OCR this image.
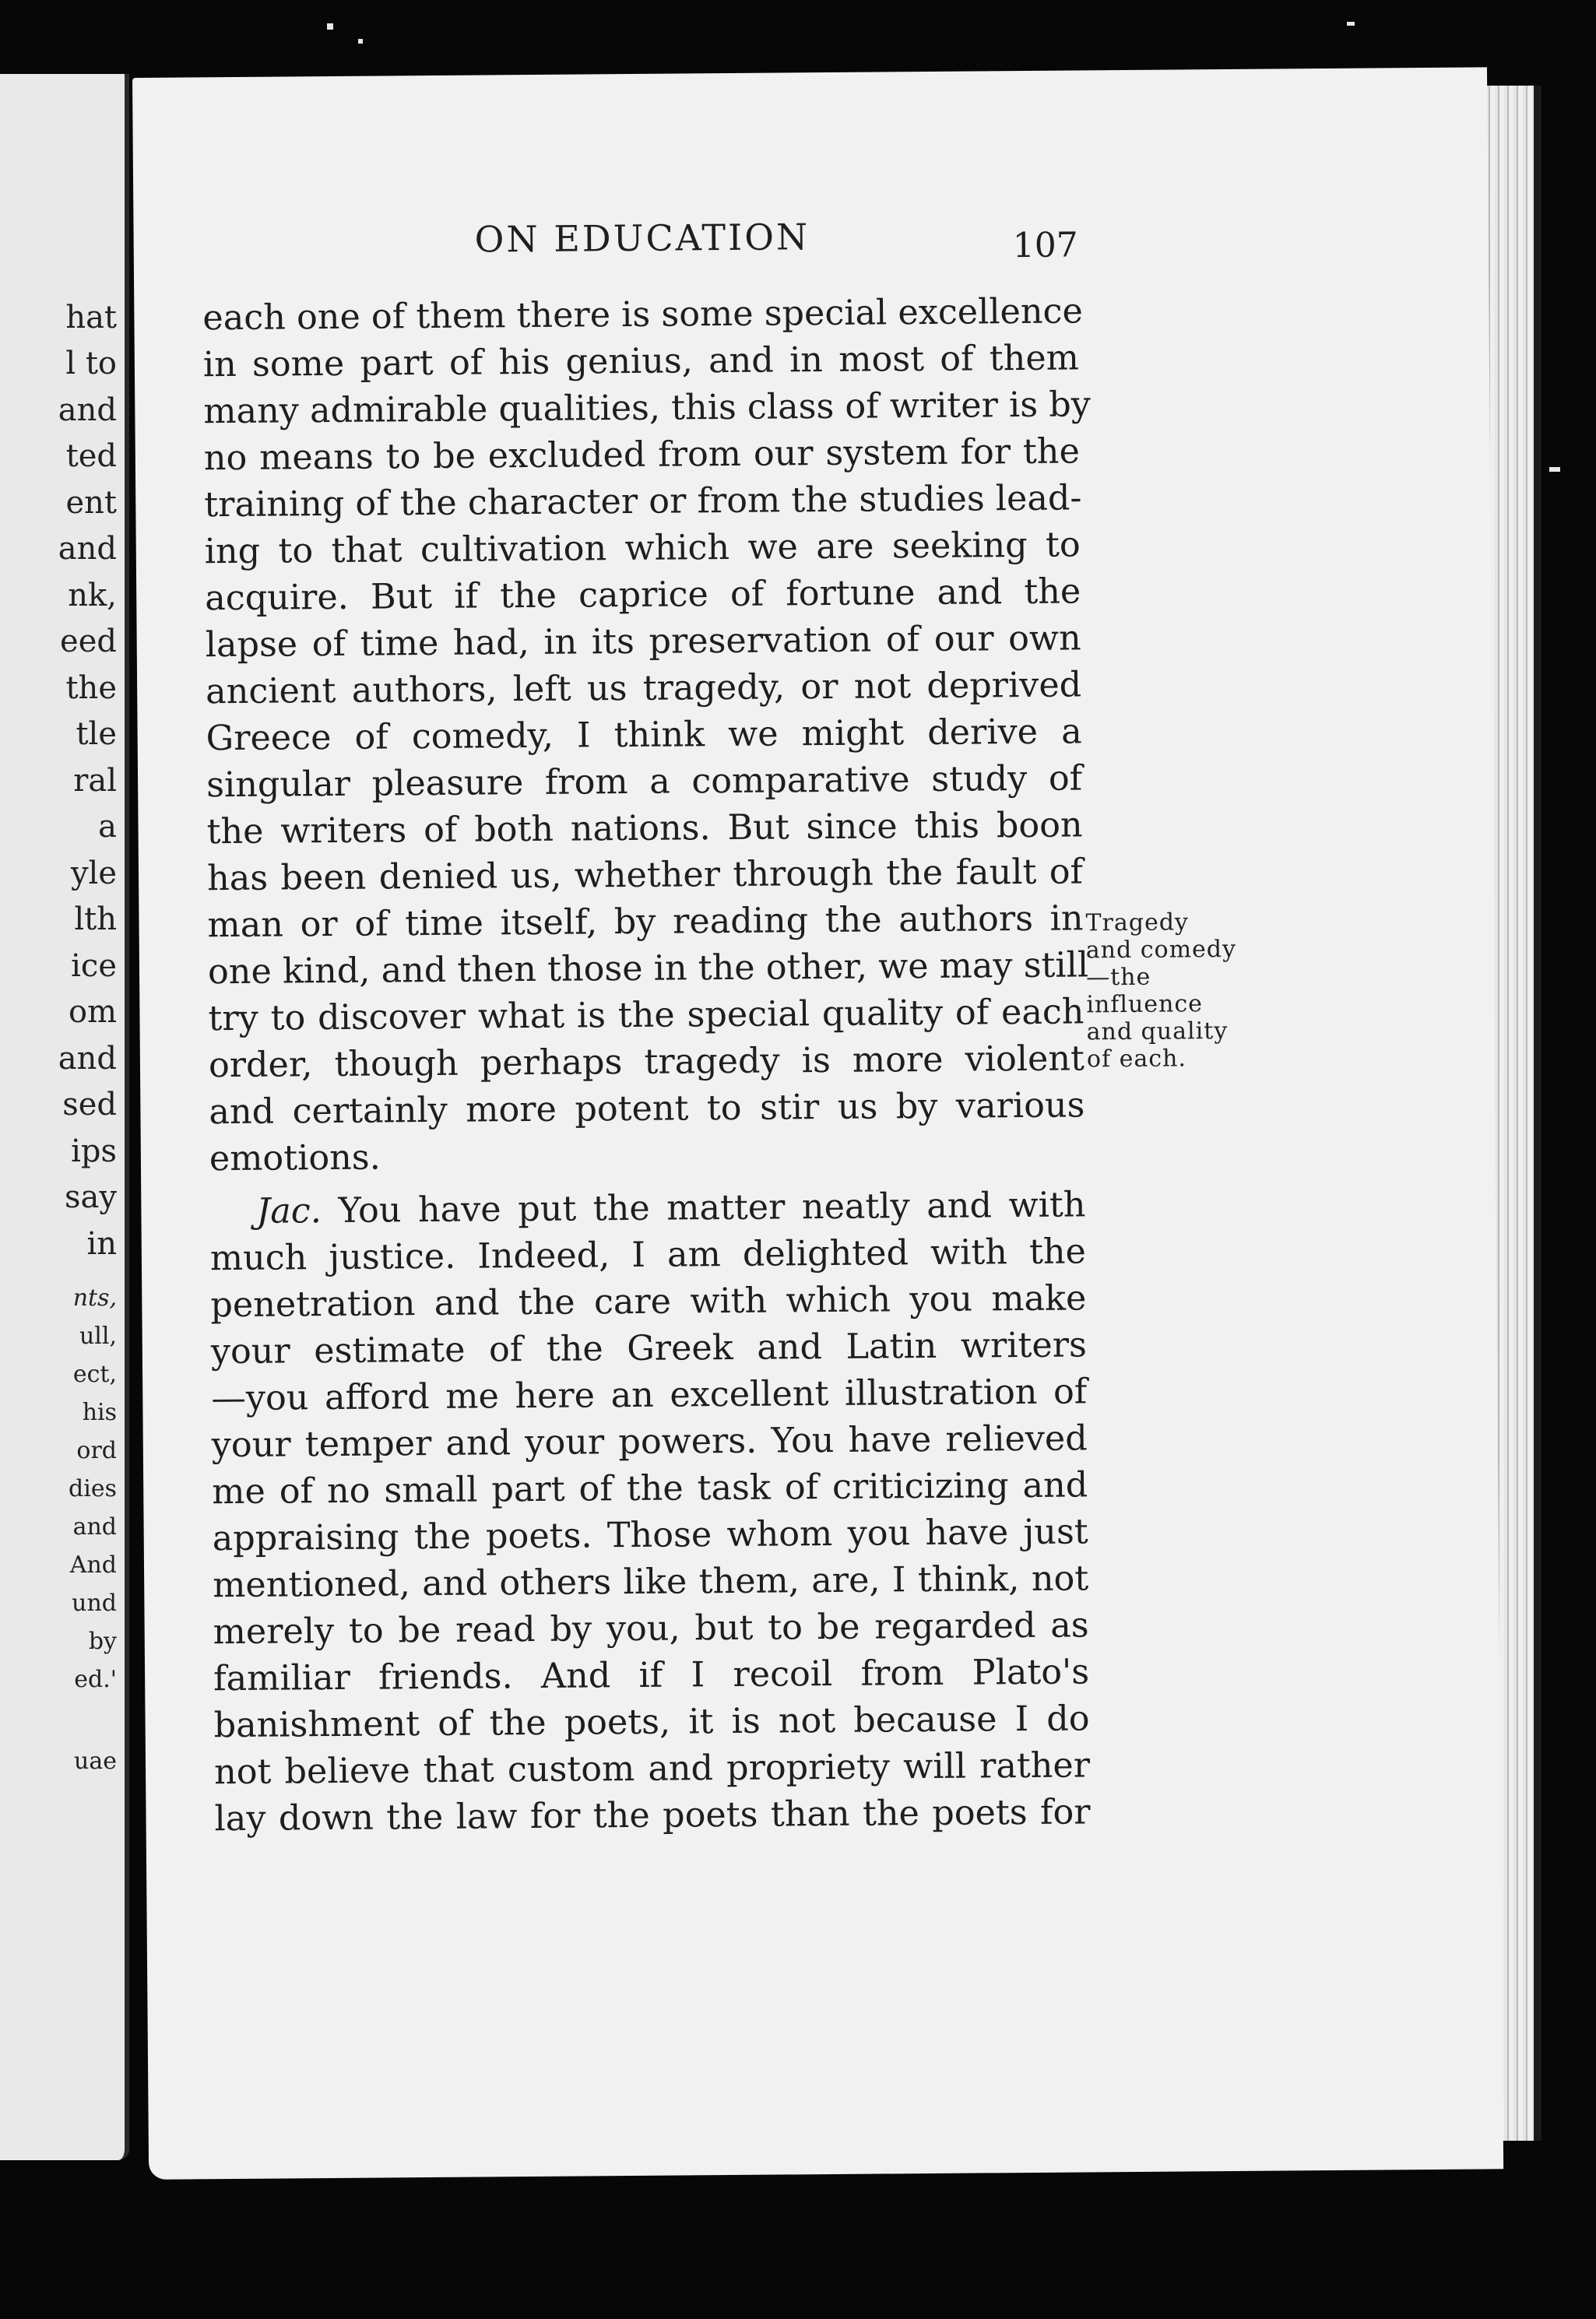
hat
l to
and
ted
ent
and
nk,
eed
the
tle
ral
a
yle
lth
ice
om
and
sed
ips
say
in
nts,
ull,
ect,
his
ord
dies
and
And
und
by
ed.'
uae
ON EDUCATION	107
each one of them there is some special excellence
in some part of his genius, and in most of them
many admirable qualities, this class of writer is by
no means to be excluded from our system for the
training of the character or from the studies lead-
ing to that cultivation which we are seeking to
acquire. But if the caprice of fortune and the
lapse of time had, in its preservation of our own
ancient authors, left us tragedy, or not deprived
Greece of comedy, I think we might derive a
singular pleasure from a comparative study of
the writers of both nations. But since this boon
has been denied us, whether through the fault of
man or of time itself, by reading the authors in
one kind, and then those in the other, we may still
try to discover what is the special quality of each
order, though perhaps tragedy is more violent
and certainly more potent to stir us by various
emotions.
Jac. You have put the matter neatly and with
much justice. Indeed, I am delighted with the
penetration and the care with which you make
your estimate of the Greek and Latin writers
—you afford me here an excellent illustration of
your temper and your powers. You have relieved
me of no small part of the task of criticizing and
appraising the poets. Those whom you have just
mentioned, and others like them, are, I think, not
merely to be read by you, but to be regarded as
familiar friends. And if I recoil from Plato's
banishment of the poets, it is not because I do
not believe that custom and propriety will rather
lay down the law for the poets than the poets for
Tragedy
and comedy
—the
influence
and quality
of each.
